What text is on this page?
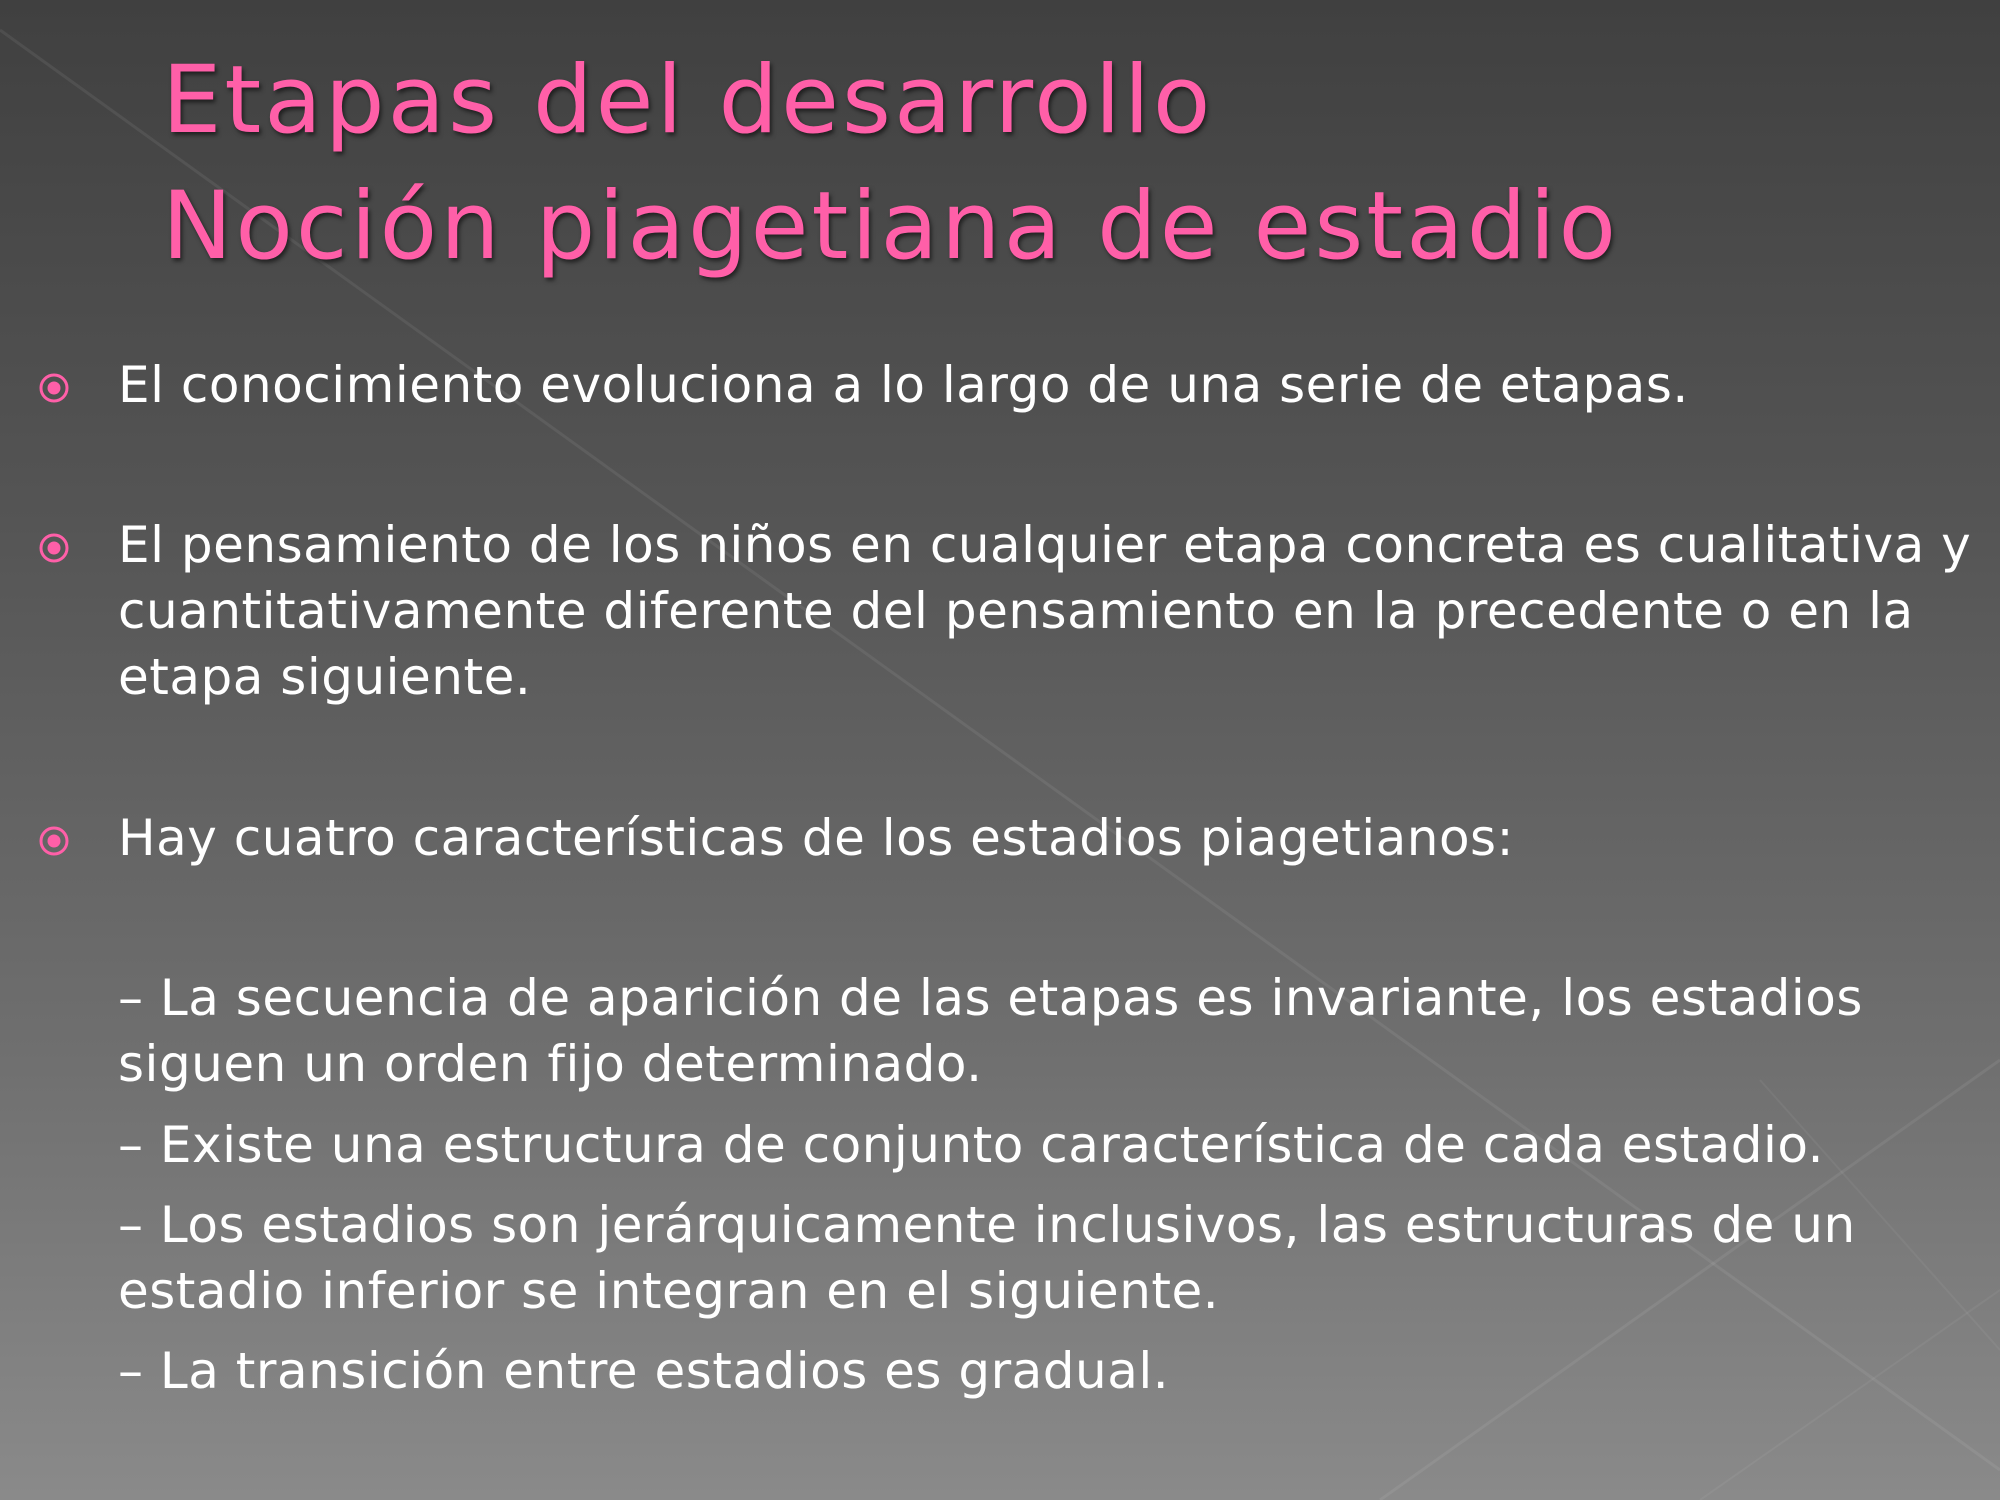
Etapas del desarrollo
Noción piagetiana de estadio

El conocimiento evoluciona a lo largo de una serie de etapas.

El pensamiento de los niños en cualquier etapa concreta es cualitativa y
cuantitativamente diferente del pensamiento en la precedente o en la
etapa siguiente.

Hay cuatro características de los estadios piagetianos:

– La secuencia de aparición de las etapas es invariante, los estadios
siguen un orden fijo determinado.

– Existe una estructura de conjunto característica de cada estadio.

– Los estadios son jerárquicamente inclusivos, las estructuras de un
estadio inferior se integran en el siguiente.

– La transición entre estadios es gradual.
